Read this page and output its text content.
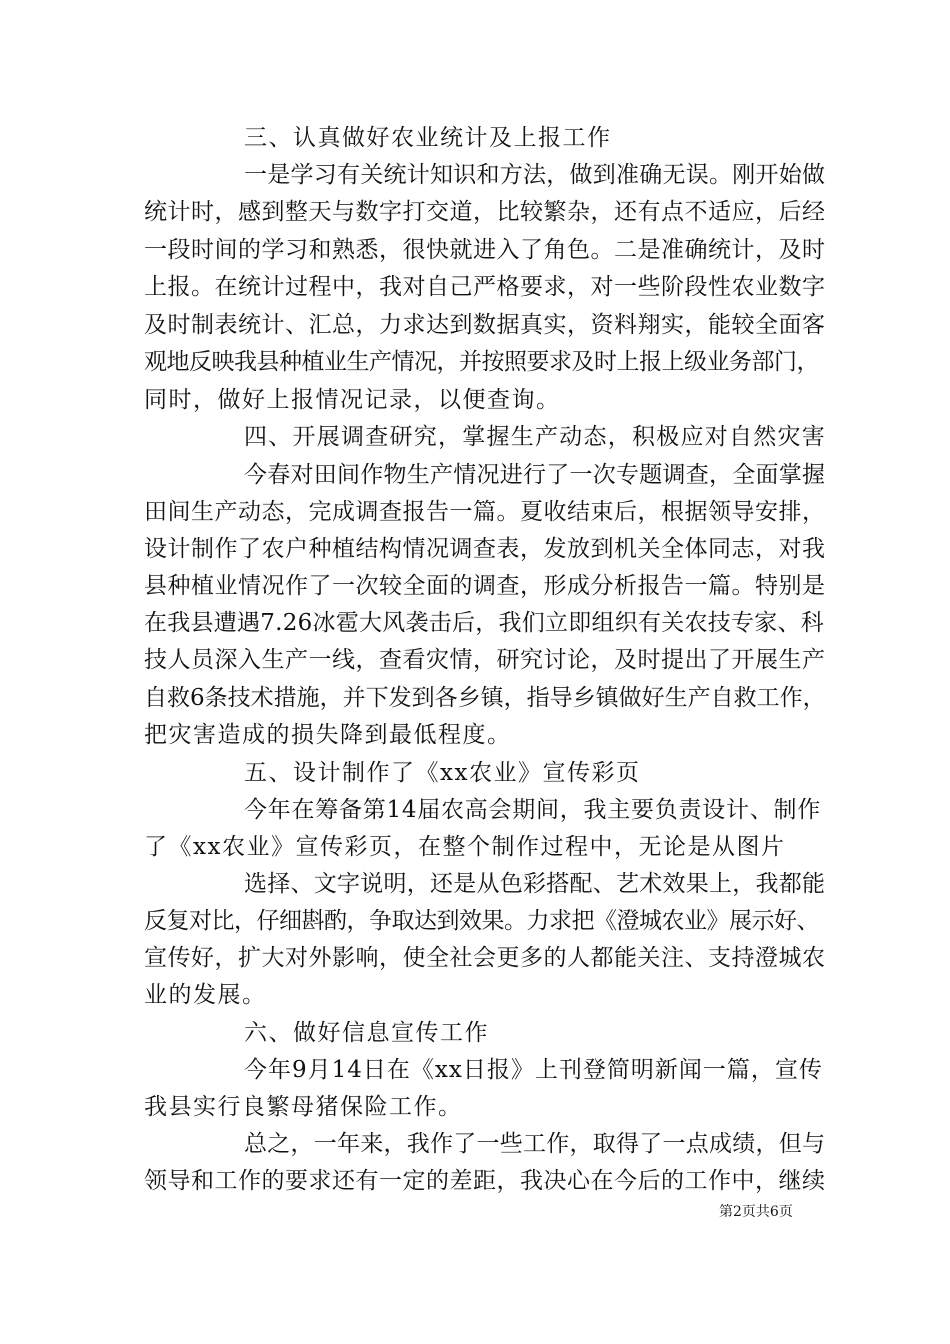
三、认真做好农业统计及上报工作
一是学习有关统计知识和方法，做到准确无误。刚开始做
统计时，感到整天与数字打交道，比较繁杂，还有点不适应，后经
一段时间的学习和熟悉，很快就进入了角色。二是准确统计，及时
上报。在统计过程中，我对自己严格要求，对一些阶段性农业数字
及时制表统计、汇总，力求达到数据真实，资料翔实，能较全面客
观地反映我县种植业生产情况，并按照要求及时上报上级业务部门，
同时，做好上报情况记录，以便查询。
四、开展调查研究，掌握生产动态，积极应对自然灾害
今春对田间作物生产情况进行了一次专题调查，全面掌握
田间生产动态，完成调查报告一篇。夏收结束后，根据领导安排，
设计制作了农户种植结构情况调查表，发放到机关全体同志，对我
县种植业情况作了一次较全面的调查，形成分析报告一篇。特别是
在我县遭遇7.26冰雹大风袭击后，我们立即组织有关农技专家、科
技人员深入生产一线，查看灾情，研究讨论，及时提出了开展生产
自救6条技术措施，并下发到各乡镇，指导乡镇做好生产自救工作，
把灾害造成的损失降到最低程度。
五、设计制作了《xx农业》宣传彩页
今年在筹备第14届农高会期间，我主要负责设计、制作
了《xx农业》宣传彩页，在整个制作过程中，无论是从图片
选择、文字说明，还是从色彩搭配、艺术效果上，我都能
反复对比，仔细斟酌，争取达到效果。力求把《澄城农业》展示好、
宣传好，扩大对外影响，使全社会更多的人都能关注、支持澄城农
业的发展。
六、做好信息宣传工作
今年9月14日在《xx日报》上刊登简明新闻一篇，宣传
我县实行良繁母猪保险工作。
总之，一年来，我作了一些工作，取得了一点成绩，但与
领导和工作的要求还有一定的差距，我决心在今后的工作中，继续
第2页共6页
